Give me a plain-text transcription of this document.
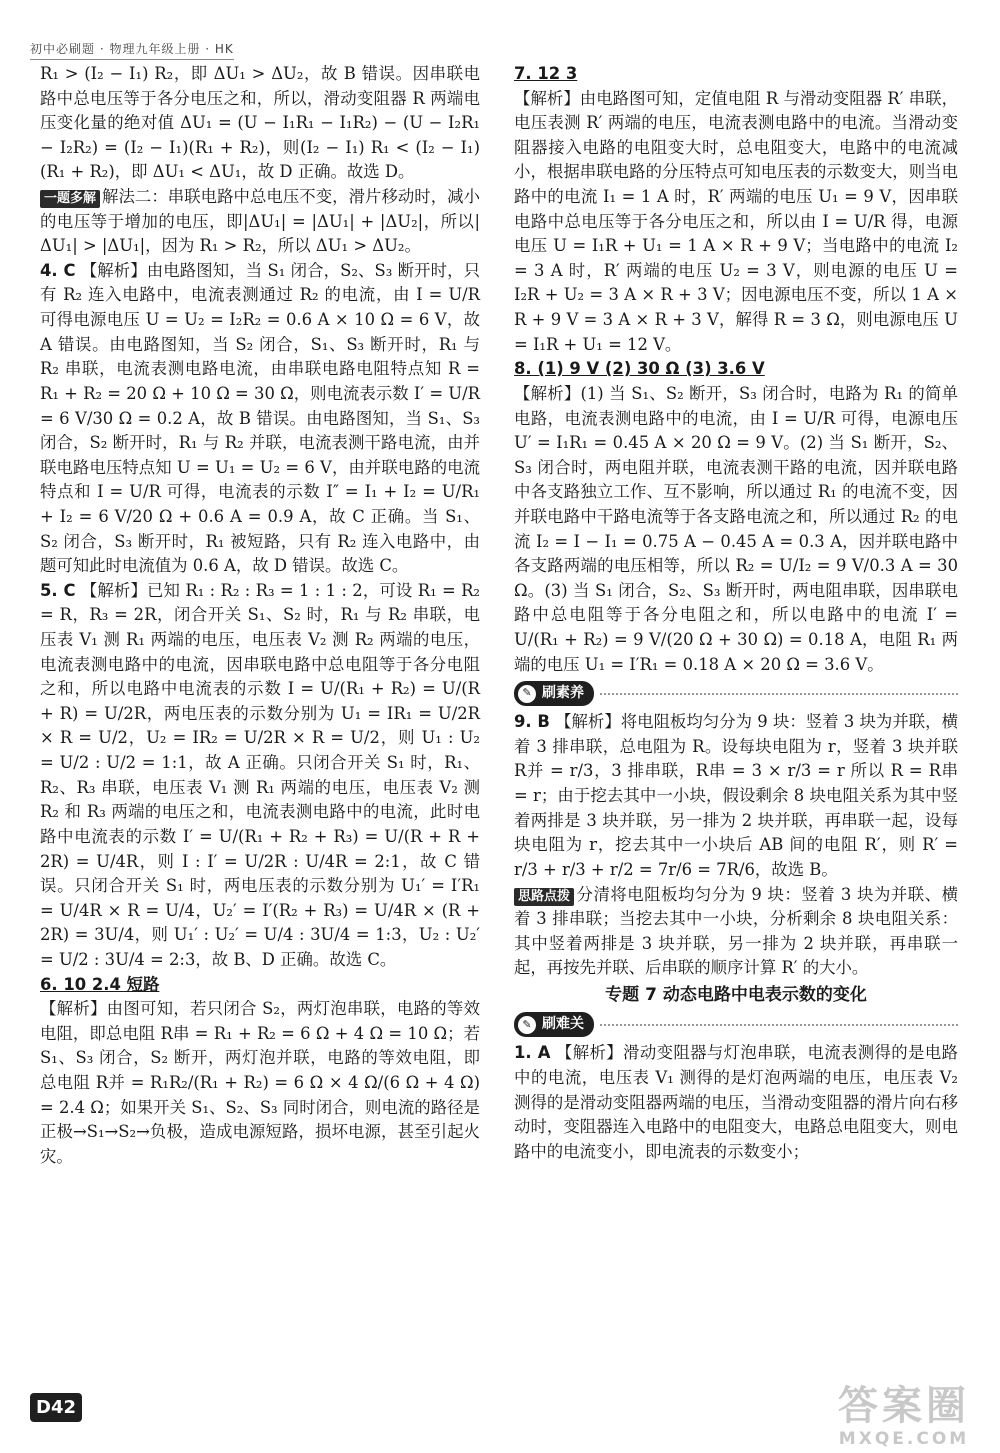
初中必刷题 · 物理九年级上册 · HK

R₁ > (I₂ − I₁) R₂，即 ΔU₁ > ΔU₂，故 B 错误。因串联电路中总电压等于各分电压之和，所以，滑动变阻器 R 两端电压变化量的绝对值 ΔU₁ = (U − I₁R₁ − I₁R₂) − (U − I₂R₁ − I₂R₂) = (I₂ − I₁)(R₁ + R₂)，则(I₂ − I₁) R₁ < (I₂ − I₁)(R₁ + R₂)，即 ΔU₁ < ΔU₁，故 D 正确。故选 D。

一题多解 解法二：串联电路中总电压不变，滑片移动时，减小的电压等于增加的电压，即|ΔU₁| = |ΔU₁| + |ΔU₂|，所以|ΔU₁| > |ΔU₁|，因为 R₁ > R₂，所以 ΔU₁ > ΔU₂。

4. C 【解析】由电路图知，当 S₁ 闭合，S₂、S₃ 断开时，只有 R₂ 连入电路中，电流表测通过 R₂ 的电流，由 I = U/R 可得电源电压 U = U₂ = I₂R₂ = 0.6 A × 10 Ω = 6 V，故 A 错误。由电路图知，当 S₂ 闭合，S₁、S₃ 断开时，R₁ 与 R₂ 串联，电流表测电路电流，由串联电路电阻特点知 R = R₁ + R₂ = 20 Ω + 10 Ω = 30 Ω，则电流表示数 I′ = U/R = 6 V/30 Ω = 0.2 A，故 B 错误。由电路图知，当 S₁、S₃ 闭合，S₂ 断开时，R₁ 与 R₂ 并联，电流表测干路电流，由并联电路电压特点知 U = U₁ = U₂ = 6 V，由并联电路的电流特点和 I = U/R 可得，电流表的示数 I″ = I₁ + I₂ = U/R₁ + I₂ = 6 V/20 Ω + 0.6 A = 0.9 A，故 C 正确。当 S₁、S₂ 闭合，S₃ 断开时，R₁ 被短路，只有 R₂ 连入电路中，由题可知此时电流值为 0.6 A，故 D 错误。故选 C。

5. C 【解析】已知 R₁ : R₂ : R₃ = 1 : 1 : 2，可设 R₁ = R₂ = R，R₃ = 2R，闭合开关 S₁、S₂ 时，R₁ 与 R₂ 串联，电压表 V₁ 测 R₁ 两端的电压，电压表 V₂ 测 R₂ 两端的电压，电流表测电路中的电流，因串联电路中总电阻等于各分电阻之和，所以电路中电流表的示数 I = U/(R₁ + R₂) = U/(R + R) = U/2R，两电压表的示数分别为 U₁ = IR₁ = U/2R × R = U/2，U₂ = IR₂ = U/2R × R = U/2，则 U₁ : U₂ = U/2 : U/2 = 1:1，故 A 正确。只闭合开关 S₁ 时，R₁、R₂、R₃ 串联，电压表 V₁ 测 R₁ 两端的电压，电压表 V₂ 测 R₂ 和 R₃ 两端的电压之和，电流表测电路中的电流，此时电路中电流表的示数 I′ = U/(R₁ + R₂ + R₃) = U/(R + R + 2R) = U/4R，则 I : I′ = U/2R : U/4R = 2:1，故 C 错误。只闭合开关 S₁ 时，两电压表的示数分别为 U₁′ = I′R₁ = U/4R × R = U/4，U₂′ = I′(R₂ + R₃) = U/4R × (R + 2R) = 3U/4，则 U₁′ : U₂′ = U/4 : 3U/4 = 1:3，U₂ : U₂′ = U/2 : 3U/4 = 2:3，故 B、D 正确。故选 C。

6. 10 2.4 短路

【解析】由图可知，若只闭合 S₂，两灯泡串联，电路的等效电阻，即总电阻 R串 = R₁ + R₂ = 6 Ω + 4 Ω = 10 Ω；若 S₁、S₃ 闭合，S₂ 断开，两灯泡并联，电路的等效电阻，即总电阻 R并 = R₁R₂/(R₁ + R₂) = 6 Ω × 4 Ω/(6 Ω + 4 Ω) = 2.4 Ω；如果开关 S₁、S₂、S₃ 同时闭合，则电流的路径是正极→S₁→S₂→负极，造成电源短路，损坏电源，甚至引起火灾。

7. 12 3

【解析】由电路图可知，定值电阻 R 与滑动变阻器 R′ 串联，电压表测 R′ 两端的电压，电流表测电路中的电流。当滑动变阻器接入电路的电阻变大时，总电阻变大，电路中的电流减小，根据串联电路的分压特点可知电压表的示数变大，则当电路中的电流 I₁ = 1 A 时，R′ 两端的电压 U₁ = 9 V，因串联电路中总电压等于各分电压之和，所以由 I = U/R 得，电源电压 U = I₁R + U₁ = 1 A × R + 9 V；当电路中的电流 I₂ = 3 A 时，R′ 两端的电压 U₂ = 3 V，则电源的电压 U = I₂R + U₂ = 3 A × R + 3 V；因电源电压不变，所以 1 A × R + 9 V = 3 A × R + 3 V，解得 R = 3 Ω，则电源电压 U = I₁R + U₁ = 12 V。

8. (1) 9 V (2) 30 Ω (3) 3.6 V

【解析】(1) 当 S₁、S₂ 断开，S₃ 闭合时，电路为 R₁ 的简单电路，电流表测电路中的电流，由 I = U/R 可得，电源电压 U′ = I₁R₁ = 0.45 A × 20 Ω = 9 V。(2) 当 S₁ 断开，S₂、S₃ 闭合时，两电阻并联，电流表测干路的电流，因并联电路中各支路独立工作、互不影响，所以通过 R₁ 的电流不变，因并联电路中干路电流等于各支路电流之和，所以通过 R₂ 的电流 I₂ = I − I₁ = 0.75 A − 0.45 A = 0.3 A，因并联电路中各支路两端的电压相等，所以 R₂ = U/I₂ = 9 V/0.3 A = 30 Ω。(3) 当 S₁ 闭合，S₂、S₃ 断开时，两电阻串联，因串联电路中总电阻等于各分电阻之和，所以电路中的电流 I′ = U/(R₁ + R₂) = 9 V/(20 Ω + 30 Ω) = 0.18 A，电阻 R₁ 两端的电压 U₁ = I′R₁ = 0.18 A × 20 Ω = 3.6 V。

✎ 刷素养

9. B 【解析】将电阻板均匀分为 9 块：竖着 3 块为并联，横着 3 排串联，总电阻为 R。设每块电阻为 r，竖着 3 块并联 R并 = r/3，3 排串联，R串 = 3 × r/3 = r 所以 R = R串 = r；由于挖去其中一小块，假设剩余 8 块电阻关系为其中竖着两排是 3 块并联，另一排为 2 块并联，再串联一起，设每块电阻为 r，挖去其中一小块后 AB 间的电阻 R′，则 R′ = r/3 + r/3 + r/2 = 7r/6 = 7R/6，故选 B。

思路点拨 分清将电阻板均匀分为 9 块：竖着 3 块为并联、横着 3 排串联；当挖去其中一小块，分析剩余 8 块电阻关系：其中竖着两排是 3 块并联，另一排为 2 块并联，再串联一起，再按先并联、后串联的顺序计算 R′ 的大小。

专题 7 动态电路中电表示数的变化
✎ 刷难关

1. A 【解析】滑动变阻器与灯泡串联，电流表测得的是电路中的电流，电压表 V₁ 测得的是灯泡两端的电压，电压表 V₂ 测得的是滑动变阻器两端的电压，当滑动变阻器的滑片向右移动时，变阻器连入电路中的电阻变大，电路总电阻变大，则电路中的电流变小，即电流表的示数变小；

D42	答案圈
MXQE.COM
